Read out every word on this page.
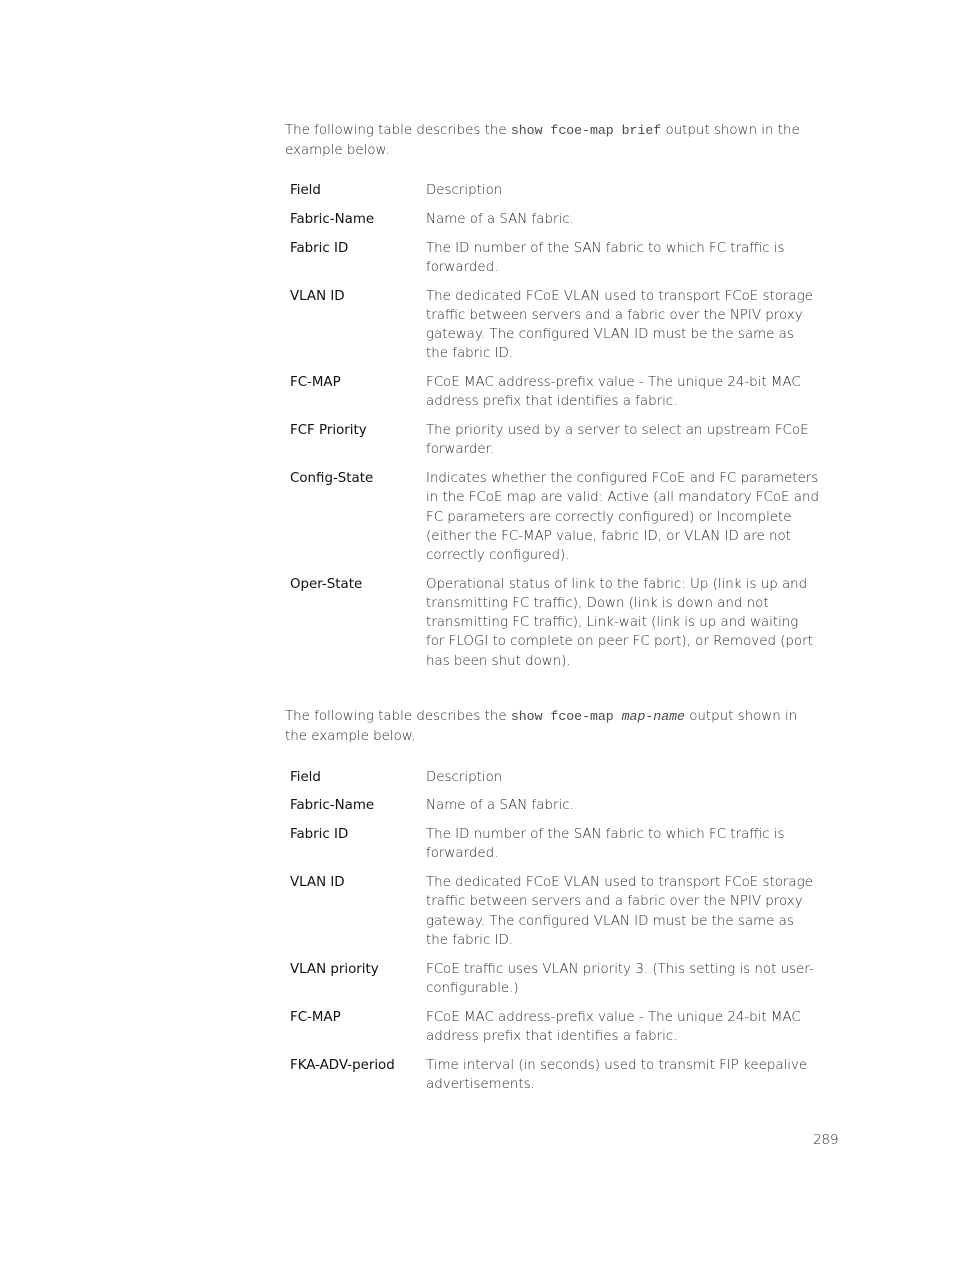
The following table describes the show fcoe-map brief output shown in the example below.

Field	Description
Fabric-Name	Name of a SAN fabric.
Fabric ID	The ID number of the SAN fabric to which FC traffic is forwarded.
VLAN ID	The dedicated FCoE VLAN used to transport FCoE storage traffic between servers and a fabric over the NPIV proxy gateway. The configured VLAN ID must be the same as the fabric ID.
FC-MAP	FCoE MAC address-prefix value - The unique 24-bit MAC address prefix that identifies a fabric.
FCF Priority	The priority used by a server to select an upstream FCoE forwarder.
Config-State	Indicates whether the configured FCoE and FC parameters in the FCoE map are valid: Active (all mandatory FCoE and FC parameters are correctly configured) or Incomplete (either the FC-MAP value, fabric ID, or VLAN ID are not correctly configured).
Oper-State	Operational status of link to the fabric: Up (link is up and transmitting FC traffic), Down (link is down and not transmitting FC traffic), Link-wait (link is up and waiting for FLOGI to complete on peer FC port), or Removed (port has been shut down).

The following table describes the show fcoe-map map-name output shown in the example below.

Field	Description
Fabric-Name	Name of a SAN fabric.
Fabric ID	The ID number of the SAN fabric to which FC traffic is forwarded.
VLAN ID	The dedicated FCoE VLAN used to transport FCoE storage traffic between servers and a fabric over the NPIV proxy gateway. The configured VLAN ID must be the same as the fabric ID.
VLAN priority	FCoE traffic uses VLAN priority 3. (This setting is not user-configurable.)
FC-MAP	FCoE MAC address-prefix value - The unique 24-bit MAC address prefix that identifies a fabric.
FKA-ADV-period	Time interval (in seconds) used to transmit FIP keepalive advertisements.
289
